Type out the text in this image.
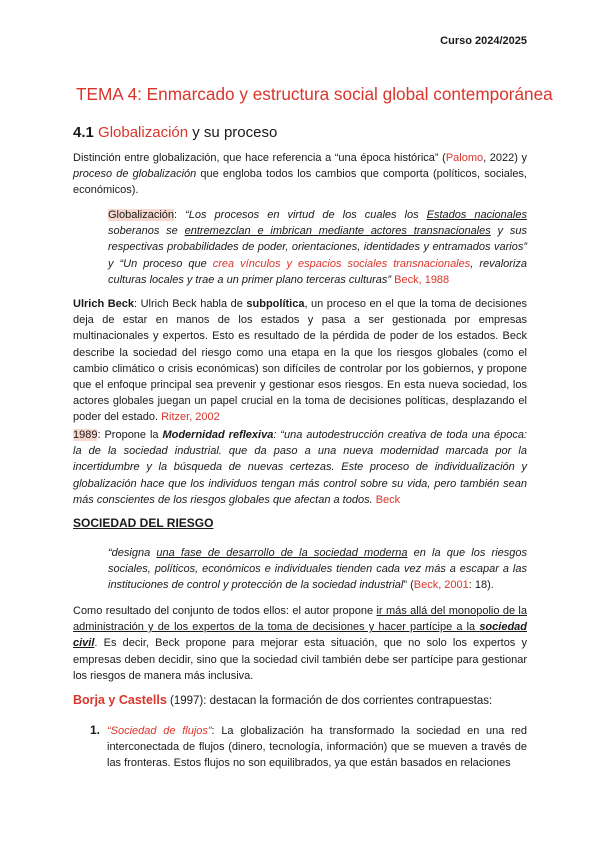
Curso 2024/2025
TEMA 4: Enmarcado y estructura social global contemporánea
4.1 Globalización y su proceso

Distinción entre globalización, que hace referencia a “una época histórica” (Palomo, 2022) y proceso de globalización que engloba todos los cambios que comporta (políticos, sociales, económicos).

Globalización: “Los procesos en virtud de los cuales los Estados nacionales soberanos se entremezclan e imbrican mediante actores transnacionales y sus respectivas probabilidades de poder, orientaciones, identidades y entramados varios” y “Un proceso que crea vínculos y espacios sociales transnacionales, revaloriza culturas locales y trae a un primer plano terceras culturas” Beck, 1988

Ulrich Beck: Ulrich Beck habla de subpolítica, un proceso en el que la toma de decisiones deja de estar en manos de los estados y pasa a ser gestionada por empresas multinacionales y expertos. Esto es resultado de la pérdida de poder de los estados. Beck describe la sociedad del riesgo como una etapa en la que los riesgos globales (como el cambio climático o crisis económicas) son difíciles de controlar por los gobiernos, y propone que el enfoque principal sea prevenir y gestionar esos riesgos. En esta nueva sociedad, los actores globales juegan un papel crucial en la toma de decisiones políticas, desplazando el poder del estado. Ritzer, 2002

1989: Propone la Modernidad reflexiva: “una autodestrucción creativa de toda una época: la de la sociedad industrial. que da paso a una nueva modernidad marcada por la incertidumbre y la búsqueda de nuevas certezas. Este proceso de individualización y globalización hace que los individuos tengan más control sobre su vida, pero también sean más conscientes de los riesgos globales que afectan a todos. Beck

SOCIEDAD DEL RIESGO

“designa una fase de desarrollo de la sociedad moderna en la que los riesgos sociales, políticos, económicos e individuales tienden cada vez más a escapar a las instituciones de control y protección de la sociedad industrial” (Beck, 2001: 18).

Como resultado del conjunto de todos ellos: el autor propone ir más allá del monopolio de la administración y de los expertos de la toma de decisiones y hacer partícipe a la sociedad civil. Es decir, Beck propone para mejorar esta situación, que no solo los expertos y empresas deben decidir, sino que la sociedad civil también debe ser partícipe para gestionar los riesgos de manera más inclusiva.

Borja y Castells (1997): destacan la formación de dos corrientes contrapuestas:

1. “Sociedad de flujos”: La globalización ha transformado la sociedad en una red interconectada de flujos (dinero, tecnología, información) que se mueven a través de las fronteras. Estos flujos no son equilibrados, ya que están basados en relaciones
